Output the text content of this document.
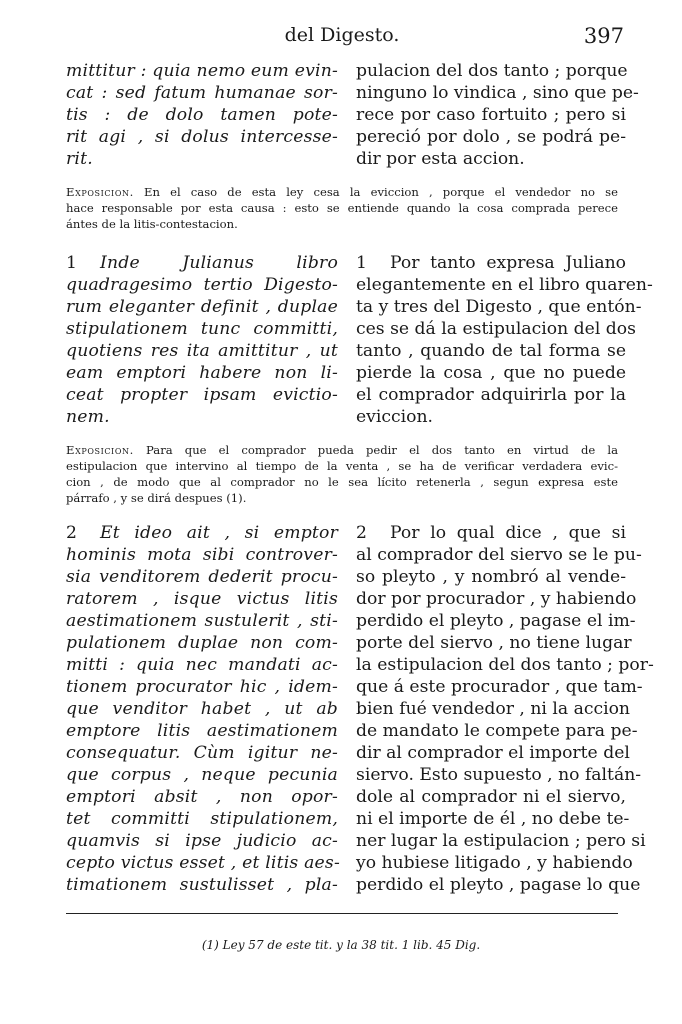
del Digesto.	397
mittitur : quia nemo eum evin-
cat : sed fatum humanae sor-
tis : de dolo tamen pote-
rit agi , si dolus intercesse-
rit.
pulacion del dos tanto ; porque
ninguno lo vindica , sino que pe-
rece por caso fortuito ; pero si
pereció por dolo , se podrá pe-
dir por esta accion.
Exposicion. En el caso de esta ley cesa la eviccion , porque el vendedor no se
hace responsable por esta causa : esto se entiende quando la cosa comprada perece
ántes de la litis-contestacion.
1 Inde Julianus libro
quadragesimo tertio Digesto-
rum eleganter definit , duplae
stipulationem tunc committi,
quotiens res ita amittitur , ut
eam emptori habere non li-
ceat propter ipsam evictio-
nem.
1 Por tanto expresa Juliano
elegantemente en el libro quaren-
ta y tres del Digesto , que entón-
ces se dá la estipulacion del dos
tanto , quando de tal forma se
pierde la cosa , que no puede
el comprador adquirirla por la
eviccion.
Exposicion. Para que el comprador pueda pedir el dos tanto en virtud de la
estipulacion que intervino al tiempo de la venta , se ha de verificar verdadera evic-
cion , de modo que al comprador no le sea lícito retenerla , segun expresa este
párrafo , y se dirá despues (1).
2 Et ideo ait , si emptor
hominis mota sibi controver-
sia venditorem dederit procu-
ratorem , isque victus litis
aestimationem sustulerit , sti-
pulationem duplae non com-
mitti : quia nec mandati ac-
tionem procurator hic , idem-
que venditor habet , ut ab
emptore litis aestimationem
consequatur. Cùm igitur ne-
que corpus , neque pecunia
emptori absit , non opor-
tet committi stipulationem,
quamvis si ipse judicio ac-
cepto victus esset , et litis aes-
timationem sustulisset , pla-
2 Por lo qual dice , que si
al comprador del siervo se le pu-
so pleyto , y nombró al vende-
dor por procurador , y habiendo
perdido el pleyto , pagase el im-
porte del siervo , no tiene lugar
la estipulacion del dos tanto ; por-
que á este procurador , que tam-
bien fué vendedor , ni la accion
de mandato le compete para pe-
dir al comprador el importe del
siervo. Esto supuesto , no faltán-
dole al comprador ni el siervo,
ni el importe de él , no debe te-
ner lugar la estipulacion ; pero si
yo hubiese litigado , y habiendo
perdido el pleyto , pagase lo que
(1) Ley 57 de este tit. y la 38 tit. 1 lib. 45 Dig.
